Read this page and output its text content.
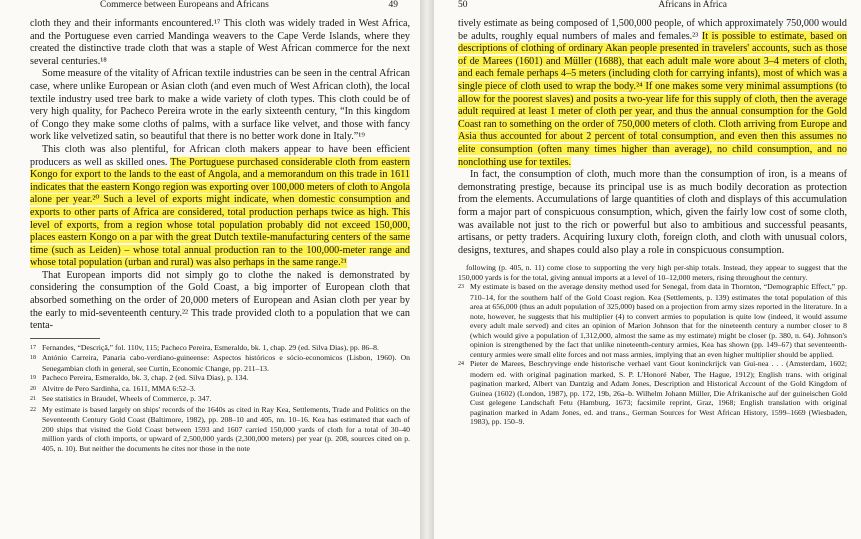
Commerce between Europeans and Africans	49

cloth they and their informants encountered.¹⁷ This cloth was widely traded in West Africa, and the Portuguese even carried Mandinga weavers to the Cape Verde Islands, where they created the distinctive trade cloth that was a staple of West African commerce for the next several centuries.¹⁸

Some measure of the vitality of African textile industries can be seen in the central African case, where unlike European or Asian cloth (and even much of West African cloth), the local textile industry used tree bark to make a wide variety of cloth types. This cloth could be of very high quality, for Pacheco Pereira wrote in the early sixteenth century, “In this kingdom of Congo they make some cloths of palms, with a surface like velvet, and those with fancy work like velvetized satin, so beautiful that there is no better work done in Italy.”¹⁹

This cloth was also plentiful, for African cloth makers appear to have been efficient producers as well as skilled ones. The Portuguese purchased considerable cloth from eastern Kongo for export to the lands to the east of Angola, and a memorandum on this trade in 1611 indicates that the eastern Kongo region was exporting over 100,000 meters of cloth to Angola alone per year.²⁰ Such a level of exports might indicate, when domestic consumption and exports to other parts of Africa are considered, total production perhaps twice as high. This level of exports, from a region whose total population probably did not exceed 150,000, places eastern Kongo on a par with the great Dutch textile-manufacturing centers of the same time (such as Leiden) – whose total annual production ran to the 100,000-meter range and whose total population (urban and rural) was also perhaps in the same range.²¹

That European imports did not simply go to clothe the naked is demonstrated by considering the consumption of the Gold Coast, a big importer of European cloth that absorbed something on the order of 20,000 meters of European and Asian cloth per year by the early to mid-seventeenth century.²² This trade provided cloth to a population that we can tenta-

17 Fernandes, “Descriçã,” fol. 110v, 115; Pacheco Pereira, Esmeraldo, bk. 1, chap. 29 (ed. Silva Dias), pp. 86–8.

18 António Carreira, Panaria cabo-verdiano-guineense: Aspectos históricos e sócio-economicos (Lisbon, 1960). On Senegambian cloth in general, see Curtin, Economic Change, pp. 211–13.

19 Pacheco Pereira, Esmeraldo, bk. 3, chap. 2 (ed. Silva Dias), p. 134.

20 Alvitre de Pero Sardinha, ca. 1611, MMA 6:52–3.

21 See statistics in Braudel, Wheels of Commerce, p. 347.

22 My estimate is based largely on ships' records of the 1640s as cited in Ray Kea, Settlements, Trade and Politics on the Seventeenth Century Gold Coast (Baltimore, 1982), pp. 208–10 and 405, nn. 10–16. Kea has estimated that each of 200 ships that visited the Gold Coast between 1593 and 1607 carried 150,000 yards of cloth for a total of 30–40 million yards of cloth imports, or upward of 2,500,000 yards (2,300,000 meters) per year (p. 208, sources cited on p. 405, n. 10). But neither the documents he cites nor those in the note

50	Africans in Africa

tively estimate as being composed of 1,500,000 people, of which approximately 750,000 would be adults, roughly equal numbers of males and females.²³ It is possible to estimate, based on descriptions of clothing of ordinary Akan people presented in travelers' accounts, such as those of de Marees (1601) and Müller (1688), that each adult male wore about 3–4 meters of cloth, and each female perhaps 4–5 meters (including cloth for carrying infants), most of which was a single piece of cloth used to wrap the body.²⁴ If one makes some very minimal assumptions (to allow for the poorest slaves) and posits a two-year life for this supply of cloth, then the average adult required at least 1 meter of cloth per year, and thus the annual consumption for the Gold Coast ran to something on the order of 750,000 meters of cloth. Cloth arriving from Europe and Asia thus accounted for about 2 percent of total consumption, and even then this assumes no elite consumption (often many times higher than average), no child consumption, and no nonclothing use for textiles.

In fact, the consumption of cloth, much more than the consumption of iron, is a means of demonstrating prestige, because its principal use is as much bodily decoration as protection from the elements. Accumulations of large quantities of cloth and displays of this accumulation form a major part of conspicuous consumption, which, given the fairly low cost of some cloth, was available not just to the rich or powerful but also to ambitious and successful peasants, artisans, or petty traders. Acquiring luxury cloth, foreign cloth, and cloth with unusual colors, designs, textures, and shapes could also play a role in conspicuous consumption.

following (p. 405, n. 11) come close to supporting the very high per-ship totals. Instead, they appear to suggest that the 150,000 yards is for the total, giving annual imports at a level of 10–12,000 meters, rising throughout the century.

23 My estimate is based on the average density method used for Senegal, from data in Thornton, “Demographic Effect,” pp. 710–14, for the southern half of the Gold Coast region. Kea (Settlements, p. 139) estimates the total population of this area at 656,000 (thus an adult population of 325,000) based on a projection from army sizes reported in the literature. In a note, however, he suggests that his multiplier (4) to convert armies to population is quite low (indeed, it would assume every adult male served) and cites an opinion of Marion Johnson that for the nineteenth century a number closer to 8 (which would give a population of 1,312,000, almost the same as my estimate) might be closer (p. 380, n. 64). Johnson's opinion is strengthened by the fact that unlike nineteenth-century armies, Kea has shown (pp. 149–67) that seventeenth-century armies were small elite forces and not mass armies, implying that an even higher multiplier should be applied.

24 Pieter de Marees, Beschryvinge ende historische verhael vant Gout koninckrijck van Gui-nea . . . (Amsterdam, 1602; modern ed. with original pagination marked, S. P. L'Honoré Naber, The Hague, 1912); English trans. with original pagination marked, Albert van Dantzig and Adam Jones, Description and Historical Account of the Gold Kingdom of Guinea (1602) (London, 1987), pp. 172, 19b, 26a–b. Wilhelm Johann Müller, Die Afrikanische auf der guineischen Gold Cust gelegene Landschaft Fetu (Hamburg, 1673; facsimile reprint, Graz, 1968; English translation with original pagination marked in Adam Jones, ed. and trans., German Sources for West African History, 1599–1669 (Wiesbaden, 1983), pp. 150–9.
